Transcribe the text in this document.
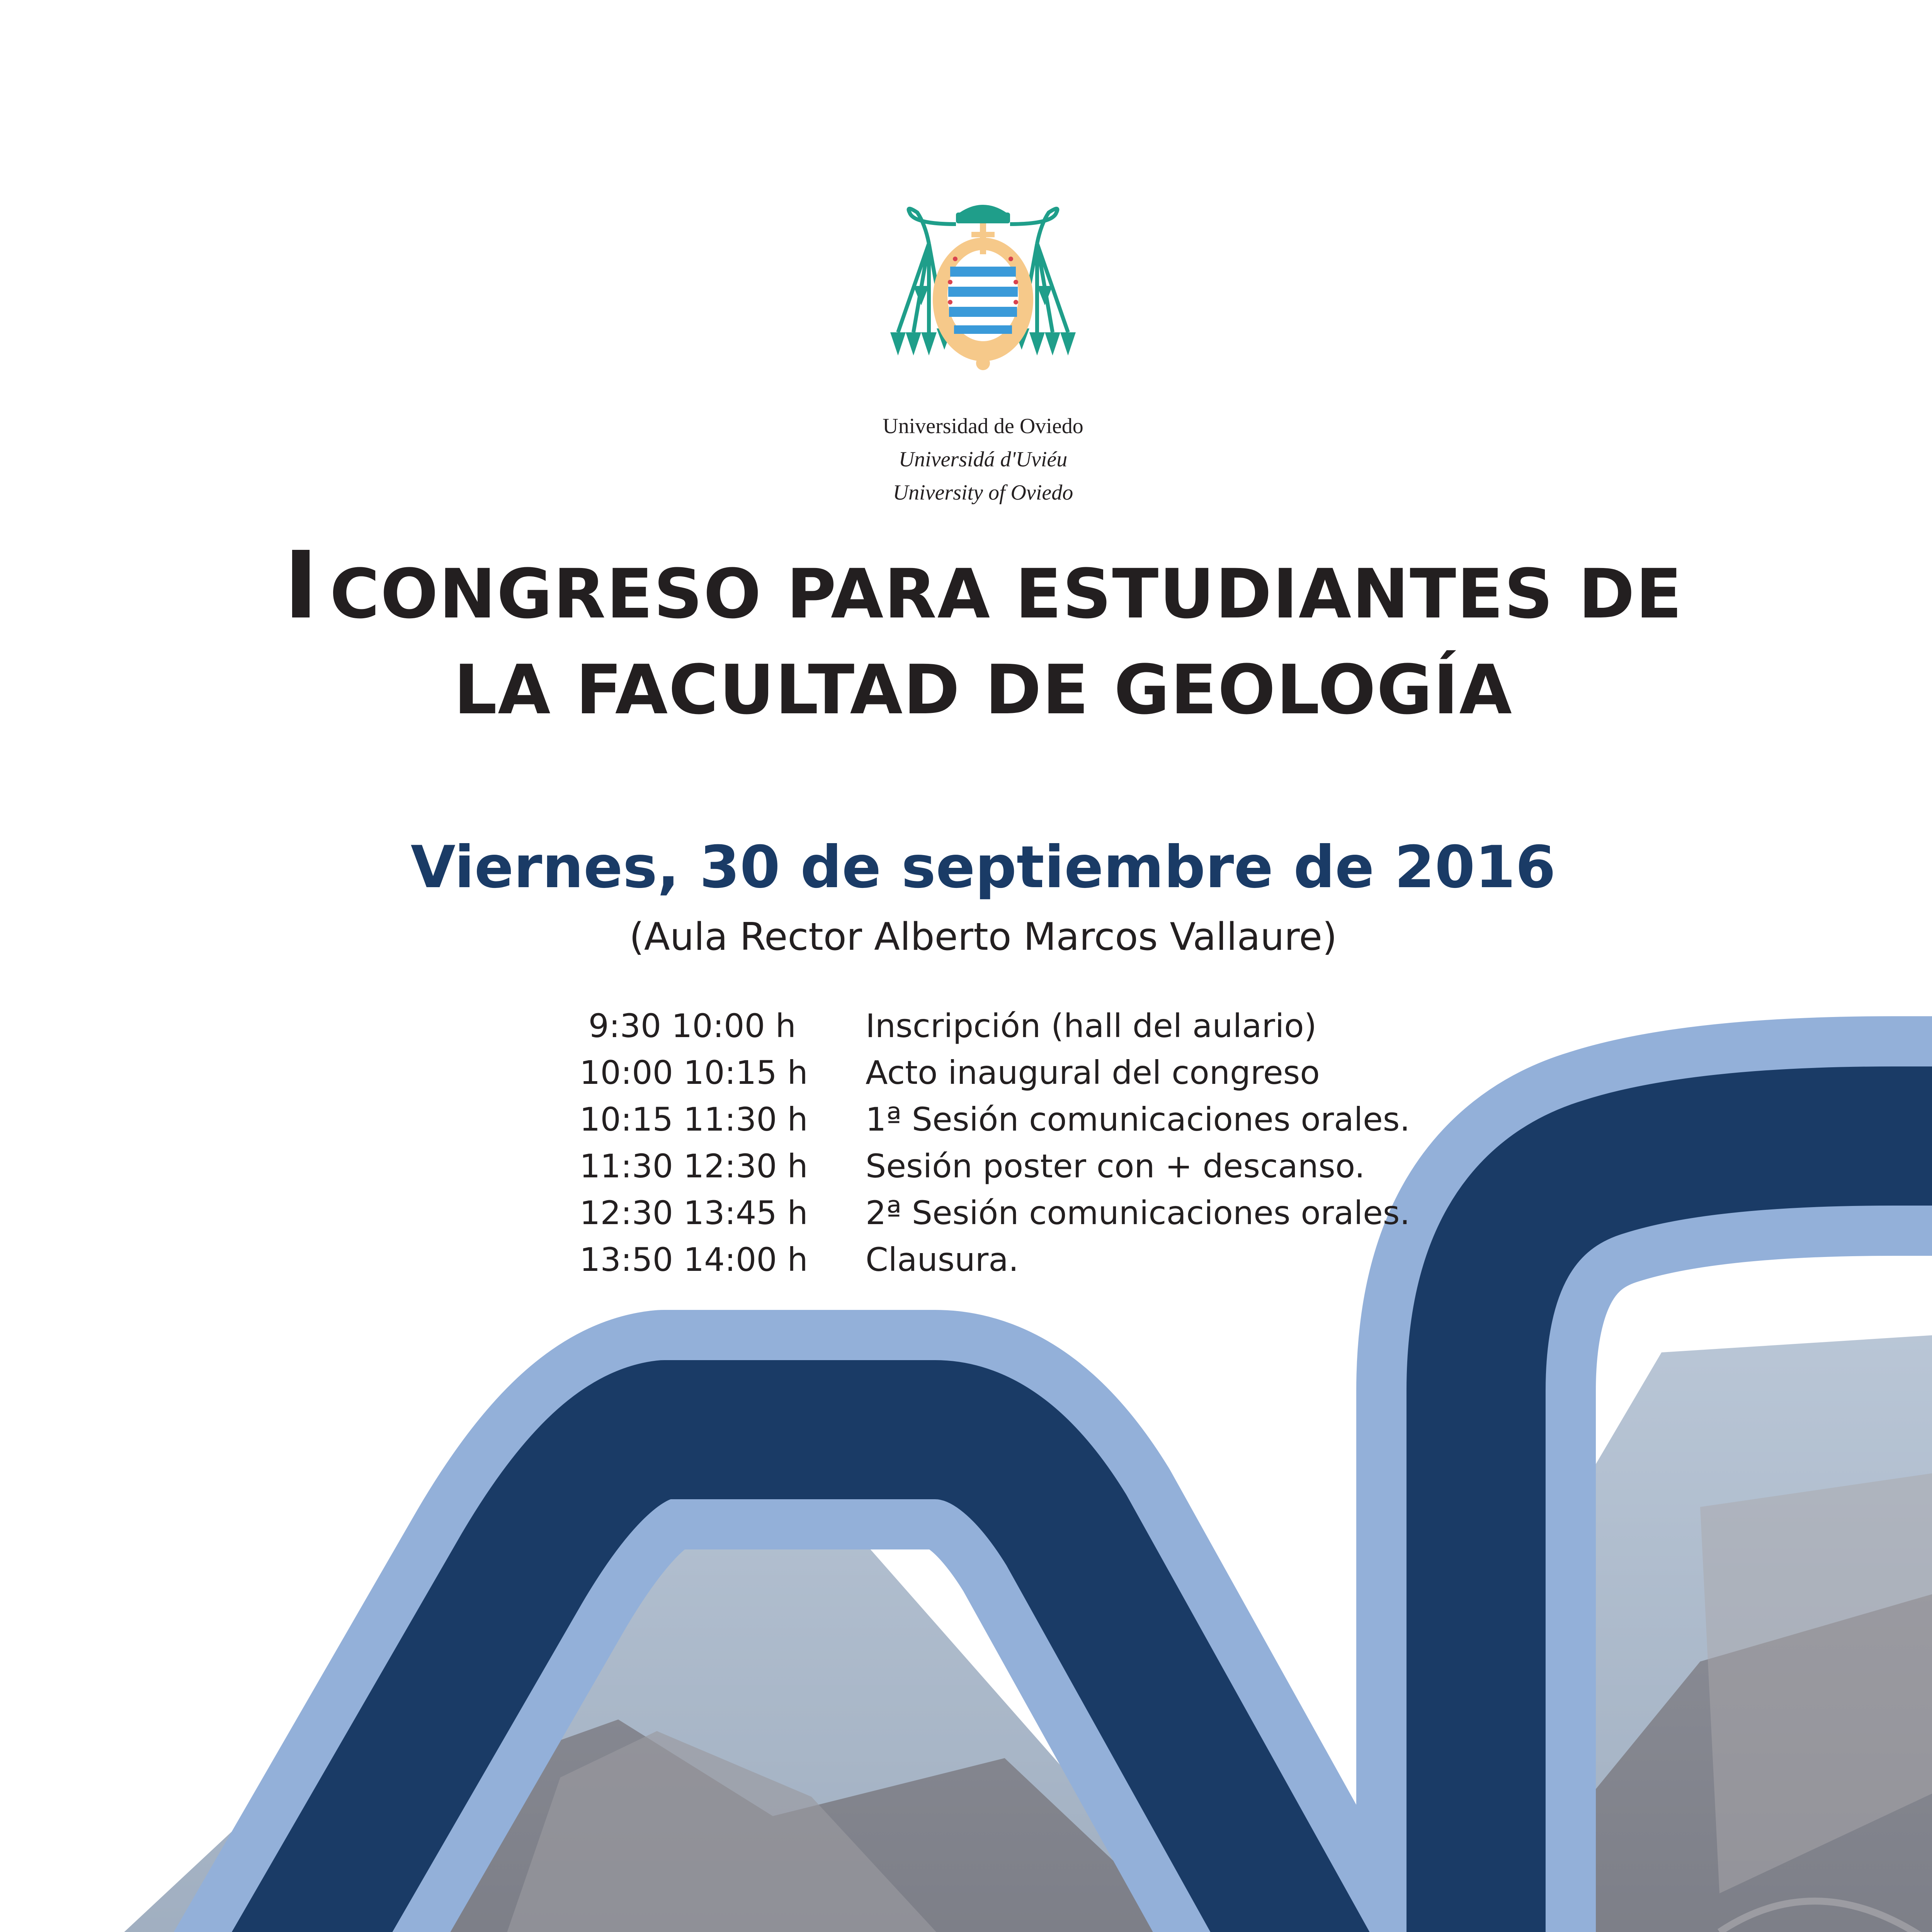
Universidad de Oviedo
Universidá d'Uviéu
University of Oviedo
I CONGRESO PARA ESTUDIANTES DE
LA FACULTAD DE GEOLOGÍA
Viernes, 30 de septiembre de 2016
(Aula Rector Alberto Marcos Vallaure)
9:30 10:00 h Inscripción (hall del aulario)
10:00 10:15 h Acto inaugural del congreso
10:15 11:30 h 1ª Sesión comunicaciones orales.
11:30 12:30 h Sesión poster con + descanso.
12:30 13:45 h 2ª Sesión comunicaciones orales.
13:50 14:00 h Clausura.
